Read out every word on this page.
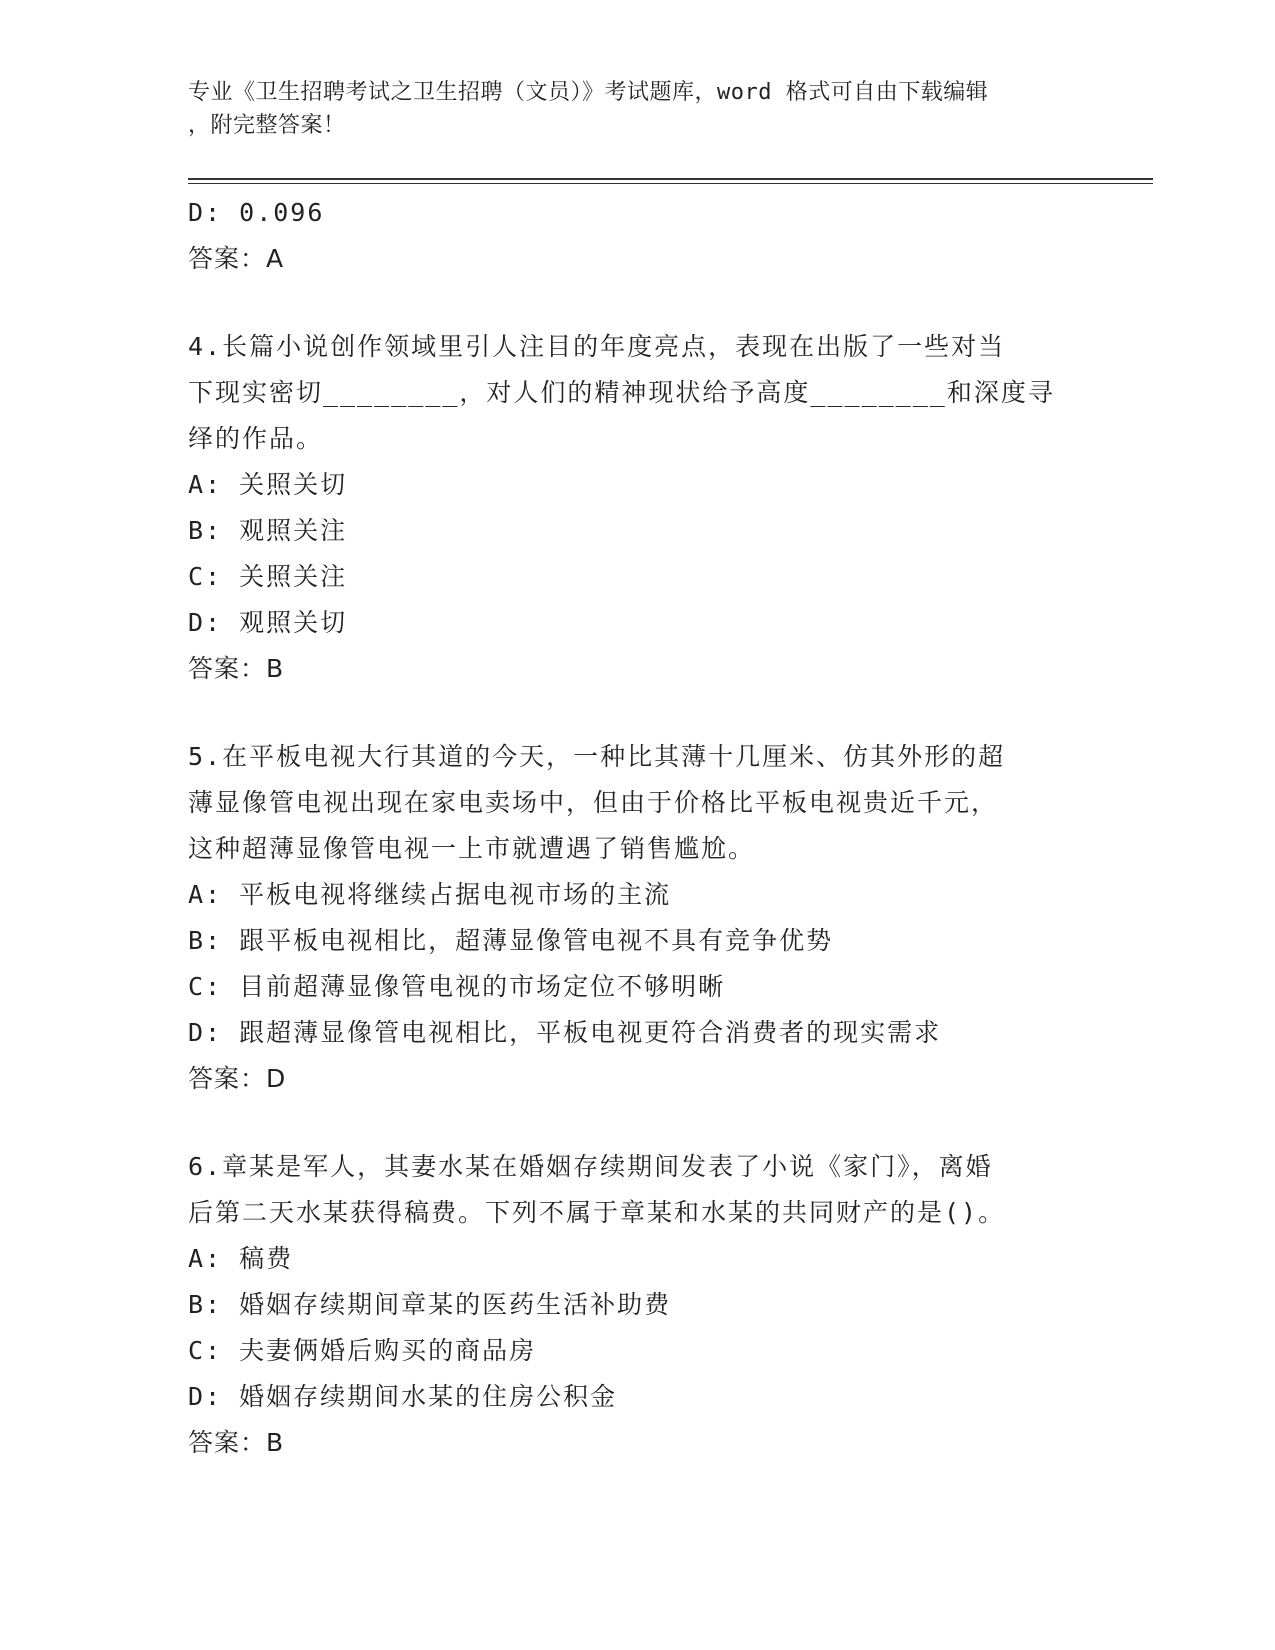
专业《卫生招聘考试之卫生招聘（文员）》考试题库，word 格式可自由下载编辑
，附完整答案！
D: 0.096
答案：A
4.长篇小说创作领域里引人注目的年度亮点，表现在出版了一些对当
下现实密切________，对人们的精神现状给予高度________和深度寻
绎的作品。
A: 关照关切
B: 观照关注
C: 关照关注
D: 观照关切
答案：B
5.在平板电视大行其道的今天，一种比其薄十几厘米、仿其外形的超
薄显像管电视出现在家电卖场中，但由于价格比平板电视贵近千元，
这种超薄显像管电视一上市就遭遇了销售尴尬。
A: 平板电视将继续占据电视市场的主流
B: 跟平板电视相比，超薄显像管电视不具有竞争优势
C: 目前超薄显像管电视的市场定位不够明晰
D: 跟超薄显像管电视相比，平板电视更符合消费者的现实需求
答案：D
6.章某是军人，其妻水某在婚姻存续期间发表了小说《家门》，离婚
后第二天水某获得稿费。下列不属于章某和水某的共同财产的是()。
A: 稿费
B: 婚姻存续期间章某的医药生活补助费
C: 夫妻俩婚后购买的商品房
D: 婚姻存续期间水某的住房公积金
答案：B
